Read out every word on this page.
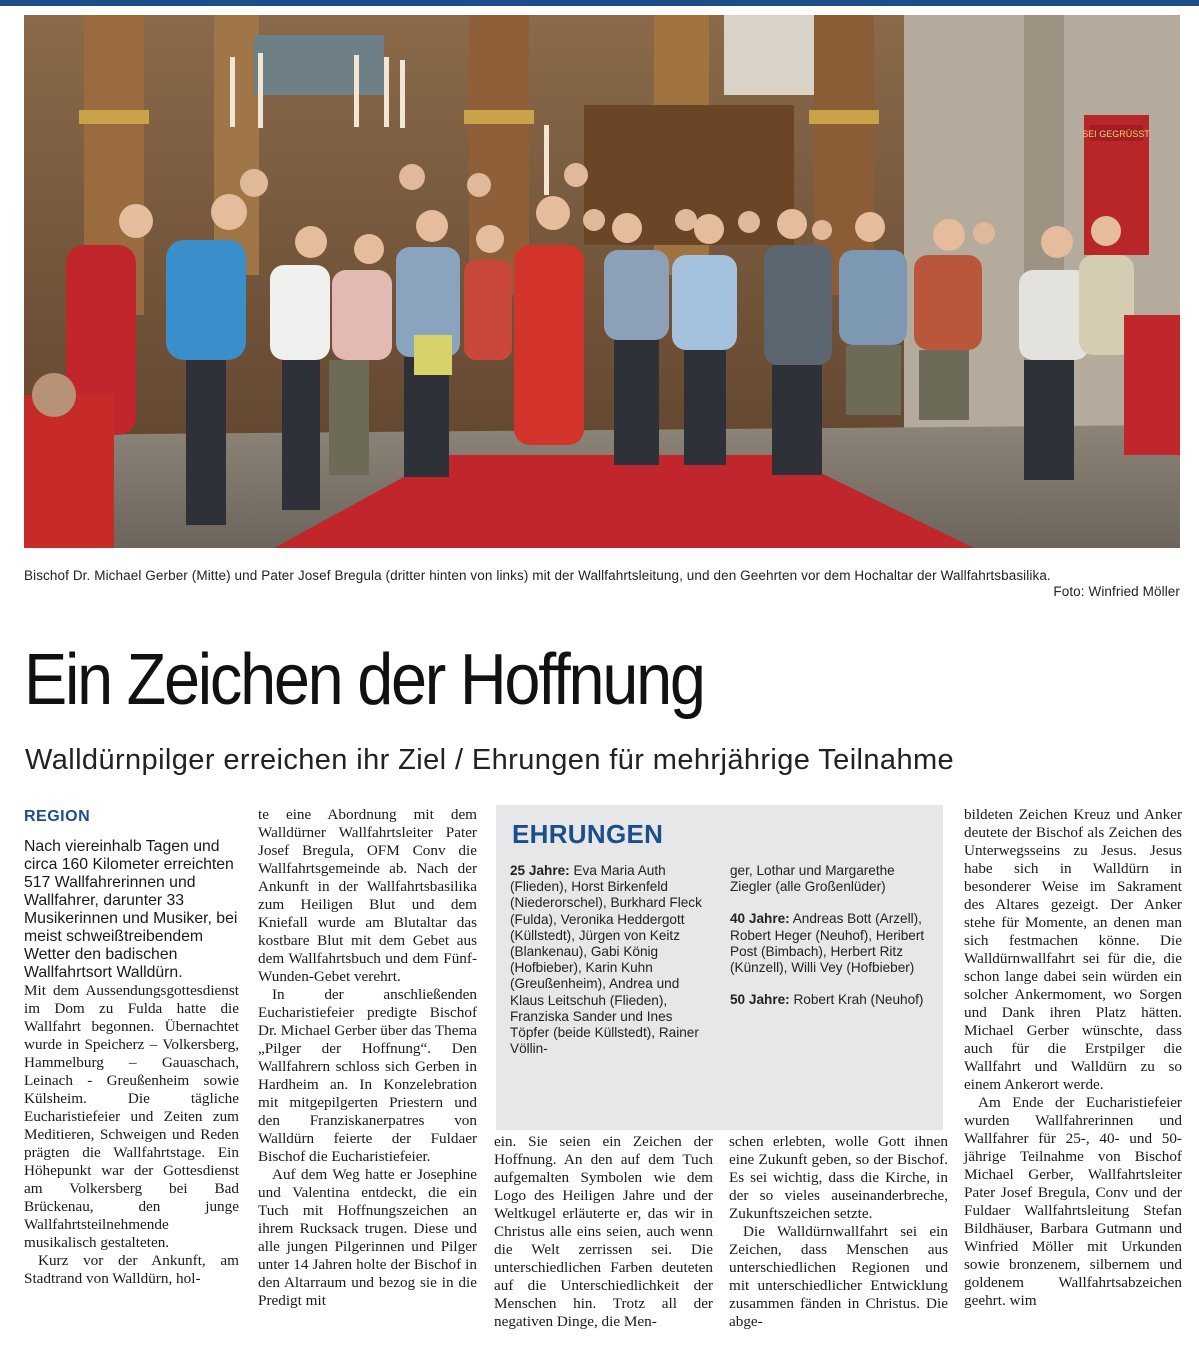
SEI GEGRÜSST
Bischof Dr. Michael Gerber (Mitte) und Pater Josef Bregula (dritter hinten von links) mit der Wallfahrtsleitung, und den Geehrten vor dem Hochaltar der Wallfahrtsbasilika.
Foto: Winfried Möller
Ein Zeichen der Hoffnung
Walldürnpilger erreichen ihr Ziel / Ehrungen für mehrjährige Teilnahme
REGION

Nach viereinhalb Tagen und circa 160 Kilometer erreichten 517 Wallfahrerinnen und Wallfahrer, darunter 33 Musikerinnen und Musiker, bei meist schweißtreibendem Wetter den badischen Wallfahrtsort Walldürn.

Mit dem Aussendungsgottesdienst im Dom zu Fulda hatte die Wallfahrt begonnen. Übernachtet wurde in Speicherz – Volkersberg, Hammelburg – Gauaschach, Leinach - Greußenheim sowie Külsheim. Die tägliche Eucharistiefeier und Zeiten zum Meditieren, Schweigen und Reden prägten die Wallfahrtstage. Ein Höhepunkt war der Gottesdienst am Volkersberg bei Bad Brückenau, den junge Wallfahrtsteilnehmende musikalisch gestalteten.

Kurz vor der Ankunft, am Stadtrand von Walldürn, hol-

te eine Abordnung mit dem Walldürner Wallfahrtsleiter Pater Josef Bregula, OFM Conv die Wallfahrtsgemeinde ab. Nach der Ankunft in der Wallfahrtsbasilika zum Heiligen Blut und dem Kniefall wurde am Blutaltar das kostbare Blut mit dem Gebet aus dem Wallfahrtsbuch und dem Fünf-Wunden-Gebet verehrt.

In der anschließenden Eucharistiefeier predigte Bischof Dr. Michael Gerber über das Thema „Pilger der Hoffnung“. Den Wallfahrern schloss sich Gerben in Hardheim an. In Konzelebration mit mitgepilgerten Priestern und den Franziskanerpatres von Walldürn feierte der Fuldaer Bischof die Eucharistiefeier.

Auf dem Weg hatte er Josephine und Valentina entdeckt, die ein Tuch mit Hoffnungszeichen an ihrem Rucksack trugen. Diese und alle jungen Pilgerinnen und Pilger unter 14 Jahren holte der Bischof in den Altarraum und bezog sie in die Predigt mit

EHRUNGEN

25 Jahre: Eva Maria Auth (Flieden), Horst Birkenfeld (Niederorschel), Burkhard Fleck (Fulda), Veronika Heddergott (Küllstedt), Jürgen von Keitz (Blankenau), Gabi König (Hofbieber), Karin Kuhn (Greußenheim), Andrea und Klaus Leitschuh (Flieden), Franziska Sander und Ines Töpfer (beide Küllstedt), Rainer Völlin-

ger, Lothar und Margarethe Ziegler (alle Großenlüder)

40 Jahre: Andreas Bott (Arzell), Robert Heger (Neuhof), Heribert Post (Bimbach), Herbert Ritz (Künzell), Willi Vey (Hofbieber)

50 Jahre: Robert Krah (Neuhof)

ein. Sie seien ein Zeichen der Hoffnung. An den auf dem Tuch aufgemalten Symbolen wie dem Logo des Heiligen Jahre und der Weltkugel erläuterte er, das wir in Christus alle eins seien, auch wenn die Welt zerrissen sei. Die unterschiedlichen Farben deuteten auf die Unterschiedlichkeit der Menschen hin. Trotz all der negativen Dinge, die Men-

schen erlebten, wolle Gott ihnen eine Zukunft geben, so der Bischof. Es sei wichtig, dass die Kirche, in der so vieles auseinanderbreche, Zukunftszeichen setzte.

Die Walldürnwallfahrt sei ein Zeichen, dass Menschen aus unterschiedlichen Regionen und mit unterschiedlicher Entwicklung zusammen fänden in Christus. Die abge-

bildeten Zeichen Kreuz und Anker deutete der Bischof als Zeichen des Unterwegsseins zu Jesus. Jesus habe sich in Walldürn in besonderer Weise im Sakrament des Altares gezeigt. Der Anker stehe für Momente, an denen man sich festmachen könne. Die Walldürnwallfahrt sei für die, die schon lange dabei sein würden ein solcher Ankermoment, wo Sorgen und Dank ihren Platz hätten. Michael Gerber wünschte, dass auch für die Erstpilger die Wallfahrt und Walldürn zu so einem Ankerort werde.

Am Ende der Eucharistiefeier wurden Wallfahrerinnen und Wallfahrer für 25-, 40- und 50-jährige Teilnahme von Bischof Michael Gerber, Wallfahrtsleiter Pater Josef Bregula, Conv und der Fuldaer Wallfahrtsleitung Stefan Bildhäuser, Barbara Gutmann und Winfried Möller mit Urkunden sowie bronzenem, silbernem und goldenem Wallfahrtsabzeichen geehrt. wim
